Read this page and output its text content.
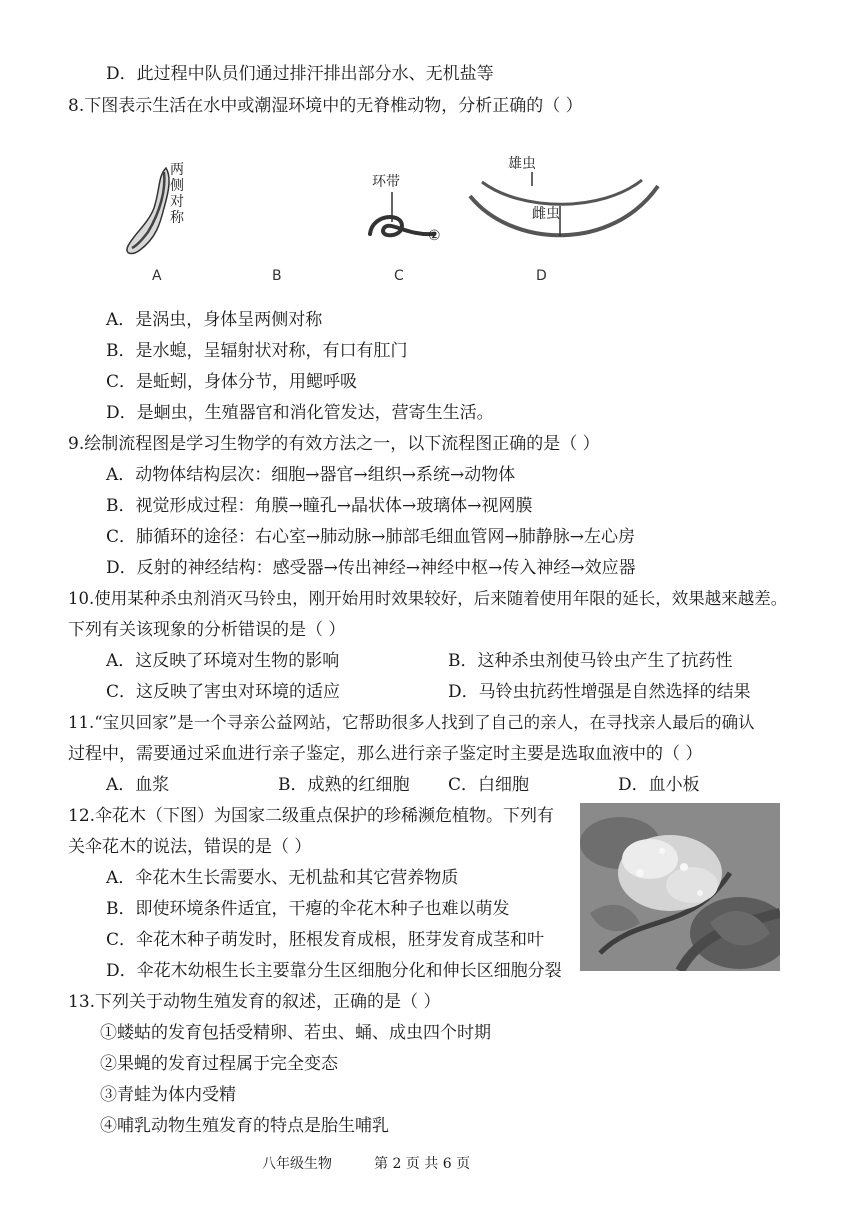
D．此过程中队员们通过排汗排出部分水、无机盐等
8.下图表示生活在水中或潮湿环境中的无脊椎动物，分析正确的（ ）
两
侧
对
称
环带
②
雄虫
雌虫
A	B	C	D
A．是涡虫，身体呈两侧对称
B．是水螅，呈辐射状对称，有口有肛门
C．是蚯蚓，身体分节，用鳃呼吸
D．是蛔虫，生殖器官和消化管发达，营寄生生活。
9.绘制流程图是学习生物学的有效方法之一，以下流程图正确的是（ ）
A．动物体结构层次：细胞→器官→组织→系统→动物体
B．视觉形成过程：角膜→瞳孔→晶状体→玻璃体→视网膜
C．肺循环的途径：右心室→肺动脉→肺部毛细血管网→肺静脉→左心房
D．反射的神经结构：感受器→传出神经→神经中枢→传入神经→效应器
10.使用某种杀虫剂消灭马铃虫，刚开始用时效果较好，后来随着使用年限的延长，效果越来越差。
下列有关该现象的分析错误的是（ ）
A．这反映了环境对生物的影响	B．这种杀虫剂使马铃虫产生了抗药性
C．这反映了害虫对环境的适应	D．马铃虫抗药性增强是自然选择的结果
11.“宝贝回家”是一个寻亲公益网站，它帮助很多人找到了自己的亲人，在寻找亲人最后的确认
过程中，需要通过采血进行亲子鉴定，那么进行亲子鉴定时主要是选取血液中的（ ）
A．血浆	B．成熟的红细胞 C．白细胞	D．血小板
12.伞花木（下图）为国家二级重点保护的珍稀濒危植物。下列有
关伞花木的说法，错误的是（ ）
A．伞花木生长需要水、无机盐和其它营养物质
B．即使环境条件适宜，干瘪的伞花木种子也难以萌发
C．伞花木种子萌发时，胚根发育成根，胚芽发育成茎和叶
D．伞花木幼根生长主要靠分生区细胞分化和伸长区细胞分裂
13.下列关于动物生殖发育的叙述，正确的是（ ）
①蝼蛄的发育包括受精卵、若虫、蛹、成虫四个时期
②果蝇的发育过程属于完全变态
③青蛙为体内受精
④哺乳动物生殖发育的特点是胎生哺乳
八年级生物	第 2 页 共 6 页
